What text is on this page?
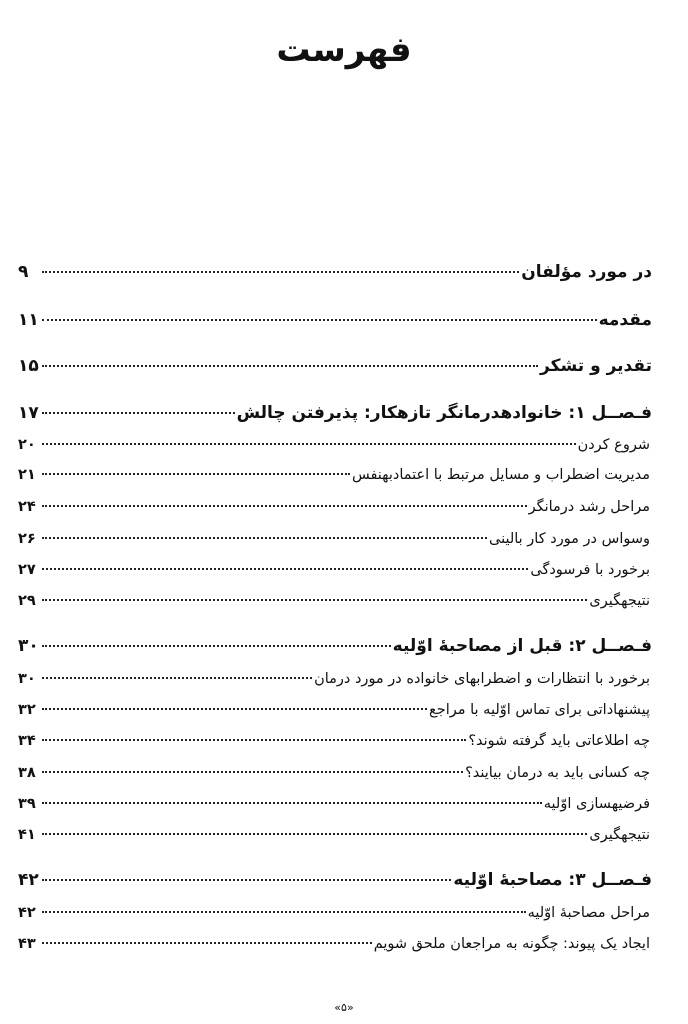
فهرست
در مورد مؤلفان
۹
مقدمه
۱۱
تقدیر و تشکر
۱۵
فـصــل ۱: خانوادهدرمانگر تازهکار: پذیرفتن چالش
۱۷
شروع کردن
۲۰
مدیریت اضطراب و مسایل مرتبط با اعتمادبهنفس
۲۱
مراحل رشد درمانگر
۲۴
وسواس در مورد کار بالینی
۲۶
برخورد با فرسودگی
۲۷
نتیجهگیری
۲۹
فـصــل ۲: قبل از مصاحبهٔ اوّلیه
۳۰
برخورد با انتظارات و اضطرابهای خانواده در مورد درمان
۳۰
پیشنهاداتی برای تماس اوّلیه با مراجع
۳۲
چه اطلاعاتی باید گرفته شوند؟
۳۴
چه کسانی باید به درمان بیایند؟
۳۸
فرضیهسازی اوّلیه
۳۹
نتیجهگیری
۴۱
فـصــل ۳: مصاحبهٔ اوّلیه
۴۲
مراحل مصاحبهٔ اوّلیه
۴۲
ایجاد یک پیوند: چگونه به مراجعان ملحق شویم
۴۳
«۵»
